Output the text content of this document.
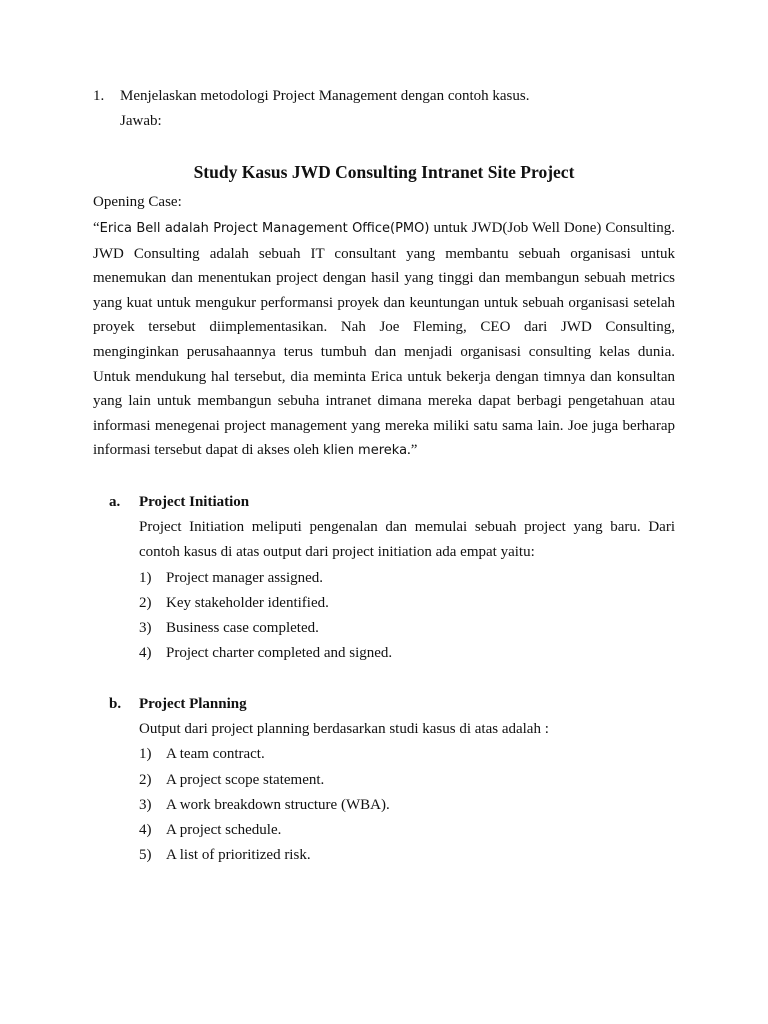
1. Menjelaskan metodologi Project Management dengan contoh kasus.
Jawab:
Study Kasus JWD Consulting Intranet Site Project
Opening Case:
“Erica Bell adalah Project Management Office(PMO) untuk JWD(Job Well Done) Consulting. JWD Consulting adalah sebuah IT consultant yang membantu sebuah organisasi untuk menemukan dan menentukan project dengan hasil yang tinggi dan membangun sebuah metrics yang kuat untuk mengukur performansi proyek dan keuntungan untuk sebuah organisasi setelah proyek tersebut diimplementasikan. Nah Joe Fleming, CEO dari JWD Consulting, menginginkan perusahaannya terus tumbuh dan menjadi organisasi consulting kelas dunia. Untuk mendukung hal tersebut, dia meminta Erica untuk bekerja dengan timnya dan konsultan yang lain untuk membangun sebuha intranet dimana mereka dapat berbagi pengetahuan atau informasi menegenai project management yang mereka miliki satu sama lain. Joe juga berharap informasi tersebut dapat di akses oleh klien mereka.”
a. Project Initiation
Project Initiation meliputi pengenalan dan memulai sebuah project yang baru. Dari contoh kasus di atas output dari project initiation ada empat yaitu:
1) Project manager assigned.
2) Key stakeholder identified.
3) Business case completed.
4) Project charter completed and signed.
b. Project Planning
Output dari project planning berdasarkan studi kasus di atas adalah :
1) A team contract.
2) A project scope statement.
3) A work breakdown structure (WBA).
4) A project schedule.
5) A list of prioritized risk.
